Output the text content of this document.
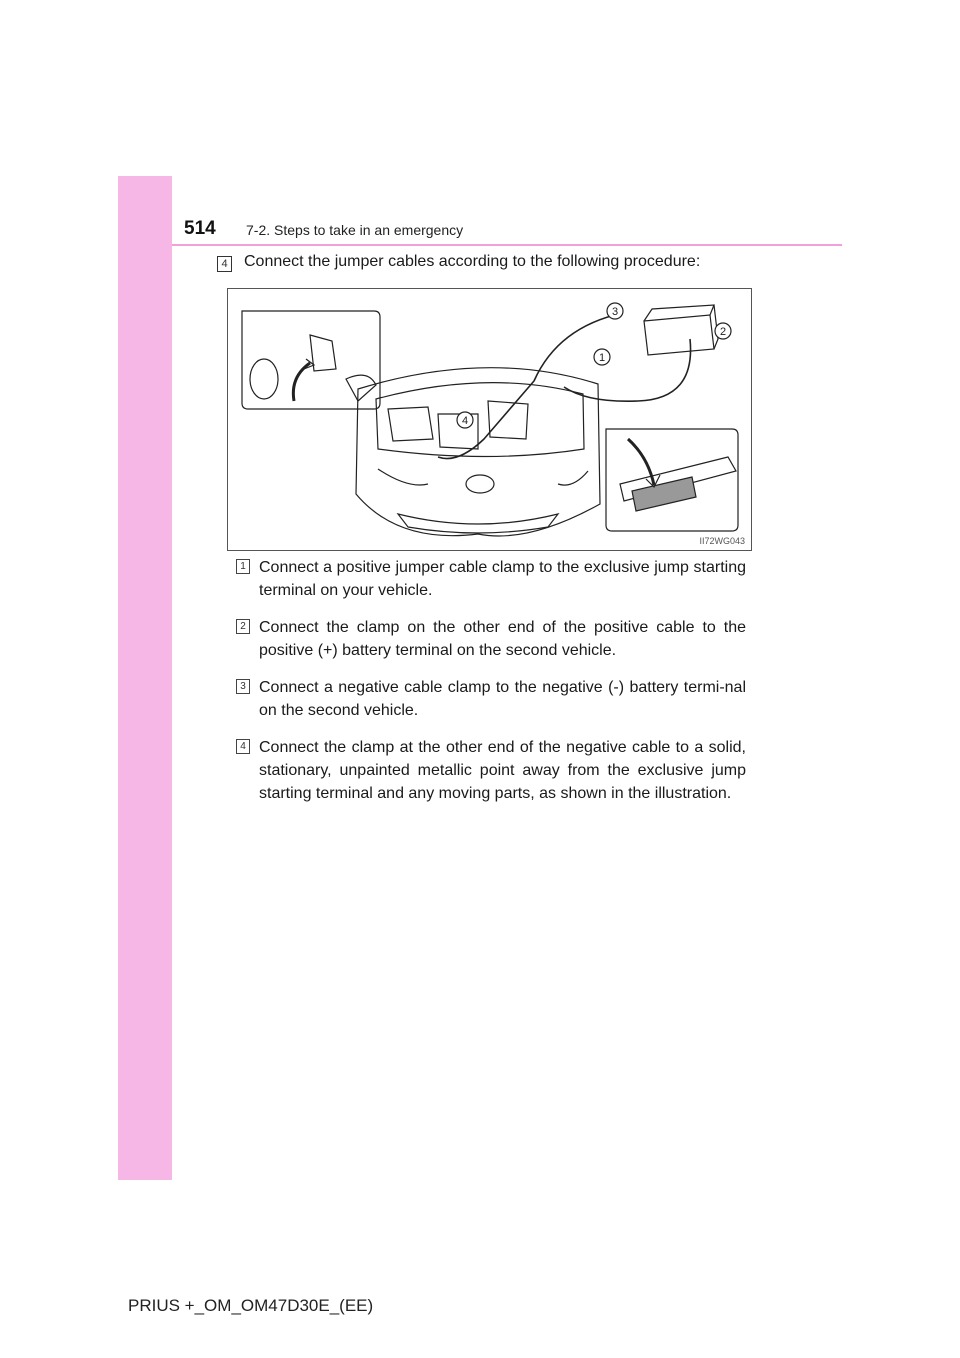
514 7-2. Steps to take in an emergency
4 Connect the jumper cables according to the following procedure:
3
2
1
4
II72WG043
1 Connect a positive jumper cable clamp to the exclusive jump starting terminal on your vehicle.
2 Connect the clamp on the other end of the positive cable to the positive (+) battery terminal on the second vehicle.
3 Connect a negative cable clamp to the negative (-) battery termi-nal on the second vehicle.
4 Connect the clamp at the other end of the negative cable to a solid, stationary, unpainted metallic point away from the exclusive jump starting terminal and any moving parts, as shown in the illustration.
PRIUS +_OM_OM47D30E_(EE)
